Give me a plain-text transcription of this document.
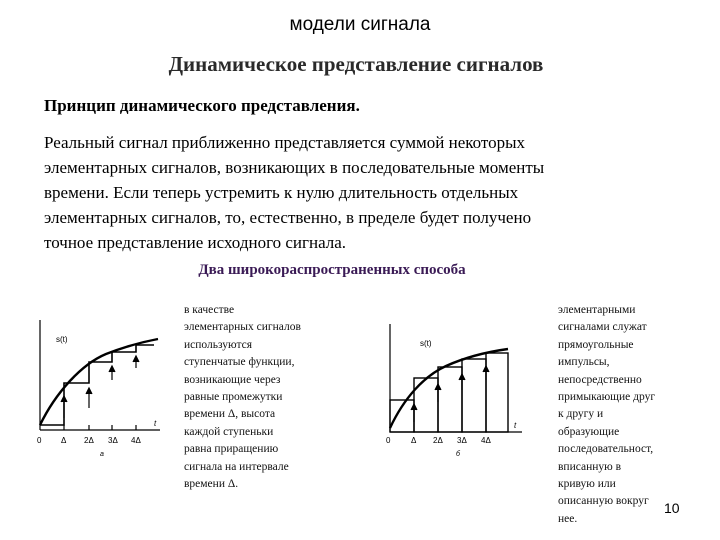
модели сигнала
Динамическое представление сигналов
Принцип динамического представления.
Реальный сигнал приближенно представляется суммой некоторых
элементарных сигналов, возникающих в последовательные моменты
времени. Если теперь устремить к нулю длительность отдельных
элементарных сигналов, то, естественно, в пределе будет получено
точное представление исходного сигнала.
Два широкораспространенных способа
s(t)
0 Δ 2Δ 3Δ 4Δ
t
a
в качестве
элементарных сигналов
используются
ступенчатые функции,
возникающие через
равные промежутки
времени Δ, высота
каждой ступеньки
равна приращению
сигнала на интервале
времени Δ.
s(t)
0	Δ 2Δ 3Δ 4Δ
t
б
элементарными
сигналами служат
прямоугольные
импульсы,
непосредственно
примыкающие друг
к другу и
образующие
последовательност,
вписанную в
кривую или
описанную вокруг
нее.
10
